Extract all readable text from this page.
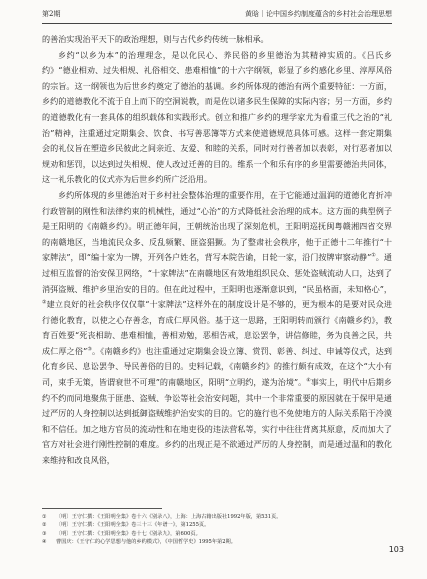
第2期	黄晗｜论中国乡约制度蕴含的乡村社会治理思想

的善治实现治平天下的政治理想，则与古代乡约传统一脉相承。

乡约“以乡为本”的治理理念，是以化民心、养民俗的乡里德治为其精神实质的。《吕氏乡约》“德业相劝、过失相规、礼俗相交、患难相恤”的十六字纲领，彰显了乡约感化乡里、淳厚风俗的宗旨。这一纲领也为后世乡约奠定了德治的基调。乡约所体现的德治有两个重要特征：一方面，乡约的道德教化不流于自上而下的空洞说教，而是佐以诸多民生保障的实际内容；另一方面，乡约的道德教化有一套具体的组织载体和实践形式。创立和推广乡约的理学家尤为看重三代之治的“礼治”精神，注重通过定期集会、饮食、书写善恶簿等方式来使道德规范具体可感。这样一套定期集会的礼仪旨在塑造乡民彼此之间亲近、友爱、和睦的关系，同时对行善者加以表彰，对行恶者加以规劝和惩罚，以达到过失相规、使人改过迁善的目的。维系一个和乐有序的乡里需要德治共同体，这一礼乐教化的仪式亦为后世乡约所广泛沿用。

乡约所体现的乡里德治对于乡村社会整体治理的重要作用，在于它能通过温润的道德化育折冲行政管制的刚性和法律约束的机械性，通过“心治”的方式降低社会治理的成本。这方面的典型例子是王阳明的《南赣乡约》。明正德年间，王朝统治出现了深刻危机，王阳明巡抚闽粤赣湘四省交界的南赣地区，当地流民众多、反乱频繁、匪盗猖獗。为了整肃社会秩序，他于正德十二年推行“十家牌法”，即“编十家为一牌，开列各户姓名，背写本院告谕，日轮一家，沿门按牌审察动静”①。通过相互监督的治安保卫网络，“十家牌法”在南赣地区有效地组织民众、惩处盗贼流动人口，达到了消弭盗贼、维护乡里治安的目的。但在此过程中，王阳明也逐渐意识到，“民虽格面，未知格心”，②建立良好的社会秩序仅仅靠“十家牌法”这样外在的制度设计是不够的，更为根本的是要对民众进行德化教育，以使之心存善念，育成仁厚风俗。基于这一思路，王阳明转而颁行《南赣乡约》，教育百姓要“死丧相助、患难相恤，善相劝勉，恶相告戒，息讼罢争，讲信修睦，务为良善之民，共成仁厚之俗”③。《南赣乡约》也注重通过定期集会设立簿、赏罚、彰善、纠过、申诫等仪式，达到化育乡民、息讼罢争、导民善俗的目的。史料记载，《南赣乡约》的推行颇有成效，在这个“大小有司，束手无策，皆谓衰世不可理”的南赣地区，阳明“立明约，遂为治境”。④事实上，明代中后期乡约不约而同地聚焦于匪患、盗贼、争讼等社会治安问题，其中一个非常重要的原因就在于保甲是通过严厉的人身控制以达到抵御盗贼维护治安实的目的。它的施行也不免使地方的人际关系陷于冷漠和不信任。加之地方官员的流动性和在地吏役的违法营私等，实行中往往背离其原意，反而加大了官方对社会进行刚性控制的难度。乡约的出现正是不欲通过严厉的人身控制，而是通过温和的教化来维持和改良风俗，

①	〔明〕王守仁撰：《王阳明全集》卷十六《别录八》，上海：上海古籍出版社1992年版，第531页。
②	〔明〕王守仁撰：《王阳明全集》卷三十三《年谱一》，第1255页。
③	〔明〕王守仁撰：《王阳明全集》卷十七《别录九》，第600页。
④	曹国庆：《王守仁的心学思想与他的乡约模式》，《中国哲学史》1995年第2期。
103
